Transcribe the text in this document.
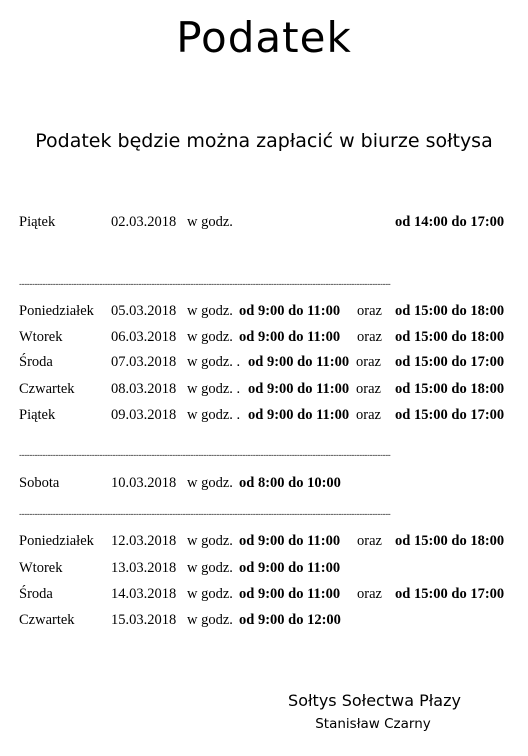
Podatek
Podatek będzie można zapłacić w biurze sołtysa
Piątek	02.03.2018 w godz.	od 14:00 do 17:00
-----------------------------------------------------------------------------------------------------------------------------------------------
Poniedziałek 05.03.2018 w godz. od 9:00 do 11:00 oraz od 15:00 do 18:00
Wtorek	06.03.2018 w godz. od 9:00 do 11:00 oraz od 15:00 do 18:00
Środa	07.03.2018 w godz. . od 9:00 do 11:00 oraz od 15:00 do 17:00
Czwartek	08.03.2018 w godz. . od 9:00 do 11:00 oraz od 15:00 do 18:00
Piątek	09.03.2018 w godz. . od 9:00 do 11:00 oraz od 15:00 do 17:00
-----------------------------------------------------------------------------------------------------------------------------------------------
Sobota	10.03.2018 w godz. od 8:00 do 10:00
-----------------------------------------------------------------------------------------------------------------------------------------------
Poniedziałek 12.03.2018 w godz. od 9:00 do 11:00 oraz od 15:00 do 18:00
Wtorek	13.03.2018 w godz. od 9:00 do 11:00
Środa	14.03.2018 w godz. od 9:00 do 11:00 oraz od 15:00 do 17:00
Czwartek	15.03.2018 w godz. od 9:00 do 12:00
Sołtys Sołectwa Płazy
Stanisław Czarny
